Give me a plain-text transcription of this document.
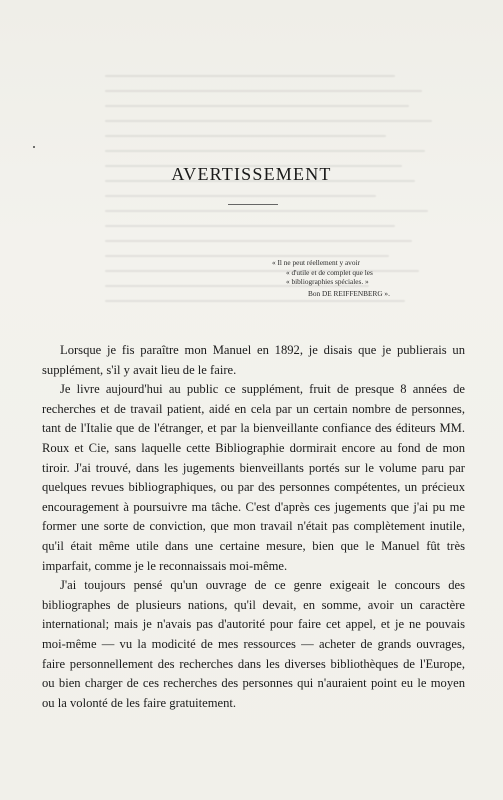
AVERTISSEMENT
« Il ne peut réellement y avoir
« d'utile et de complet que les
« bibliographies spéciales. »
Bon DE REIFFENBERG ».

Lorsque je fis paraître mon Manuel en 1892, je disais que je publierais un supplément, s'il y avait lieu de le faire.

Je livre aujourd'hui au public ce supplément, fruit de presque 8 années de recherches et de travail patient, aidé en cela par un certain nombre de personnes, tant de l'Italie que de l'étranger, et par la bienveillante confiance des éditeurs MM. Roux et Cie, sans laquelle cette Bibliographie dormirait encore au fond de mon tiroir. J'ai trouvé, dans les jugements bienveillants portés sur le volume paru par quelques revues bibliographiques, ou par des personnes compétentes, un précieux encouragement à poursuivre ma tâche. C'est d'après ces jugements que j'ai pu me former une sorte de conviction, que mon travail n'était pas complètement inutile, qu'il était même utile dans une certaine mesure, bien que le Manuel fût très imparfait, comme je le reconnaissais moi-même.

J'ai toujours pensé qu'un ouvrage de ce genre exigeait le concours des bibliographes de plusieurs nations, qu'il devait, en somme, avoir un caractère international; mais je n'avais pas d'autorité pour faire cet appel, et je ne pouvais moi-même — vu la modicité de mes ressources — acheter de grands ouvrages, faire personnellement des recherches dans les diverses bibliothèques de l'Europe, ou bien charger de ces recherches des personnes qui n'auraient point eu le moyen ou la volonté de les faire gratuitement.
